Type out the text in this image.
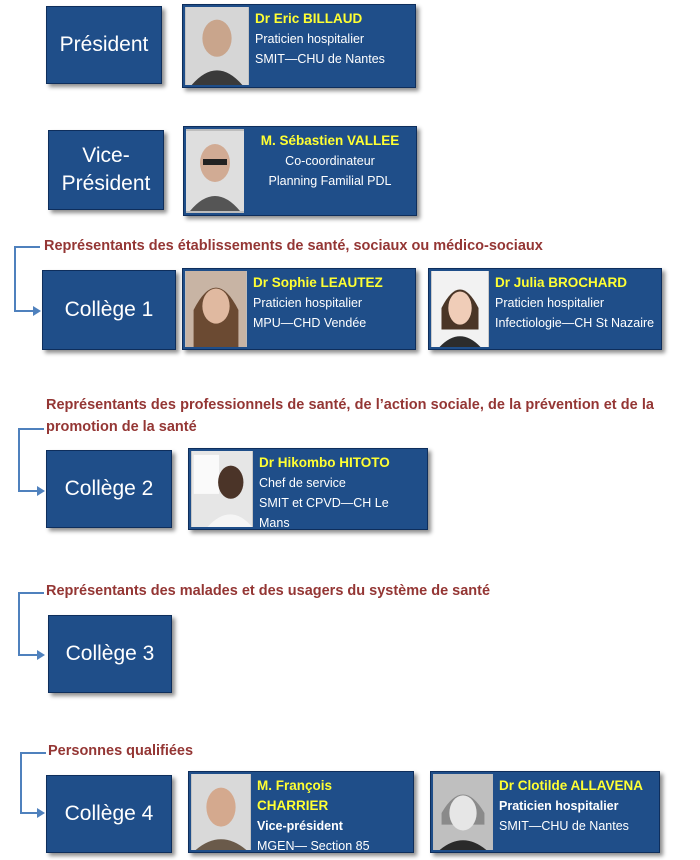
Président
Dr Eric BILLAUD
Praticien hospitalier
SMIT—CHU de Nantes
Vice-
Président
M. Sébastien VALLEE
Co-coordinateur
Planning Familial PDL
Représentants des établissements de santé, sociaux ou médico-sociaux
Collège 1
Dr Sophie LEAUTEZ
Praticien hospitalier
MPU—CHD Vendée
Dr Julia BROCHARD
Praticien hospitalier
Infectiologie—CH St Nazaire
Représentants des professionnels de santé, de l’action sociale, de la prévention et de la promotion de la santé
Collège 2
Dr Hikombo HITOTO
Chef de service
SMIT et CPVD—CH Le Mans
Représentants des malades et des usagers du système de santé
Collège 3
Personnes qualifiées
Collège 4
M. François CHARRIER
Vice-président
MGEN— Section 85
Dr Clotilde ALLAVENA
Praticien hospitalier
SMIT—CHU de Nantes
